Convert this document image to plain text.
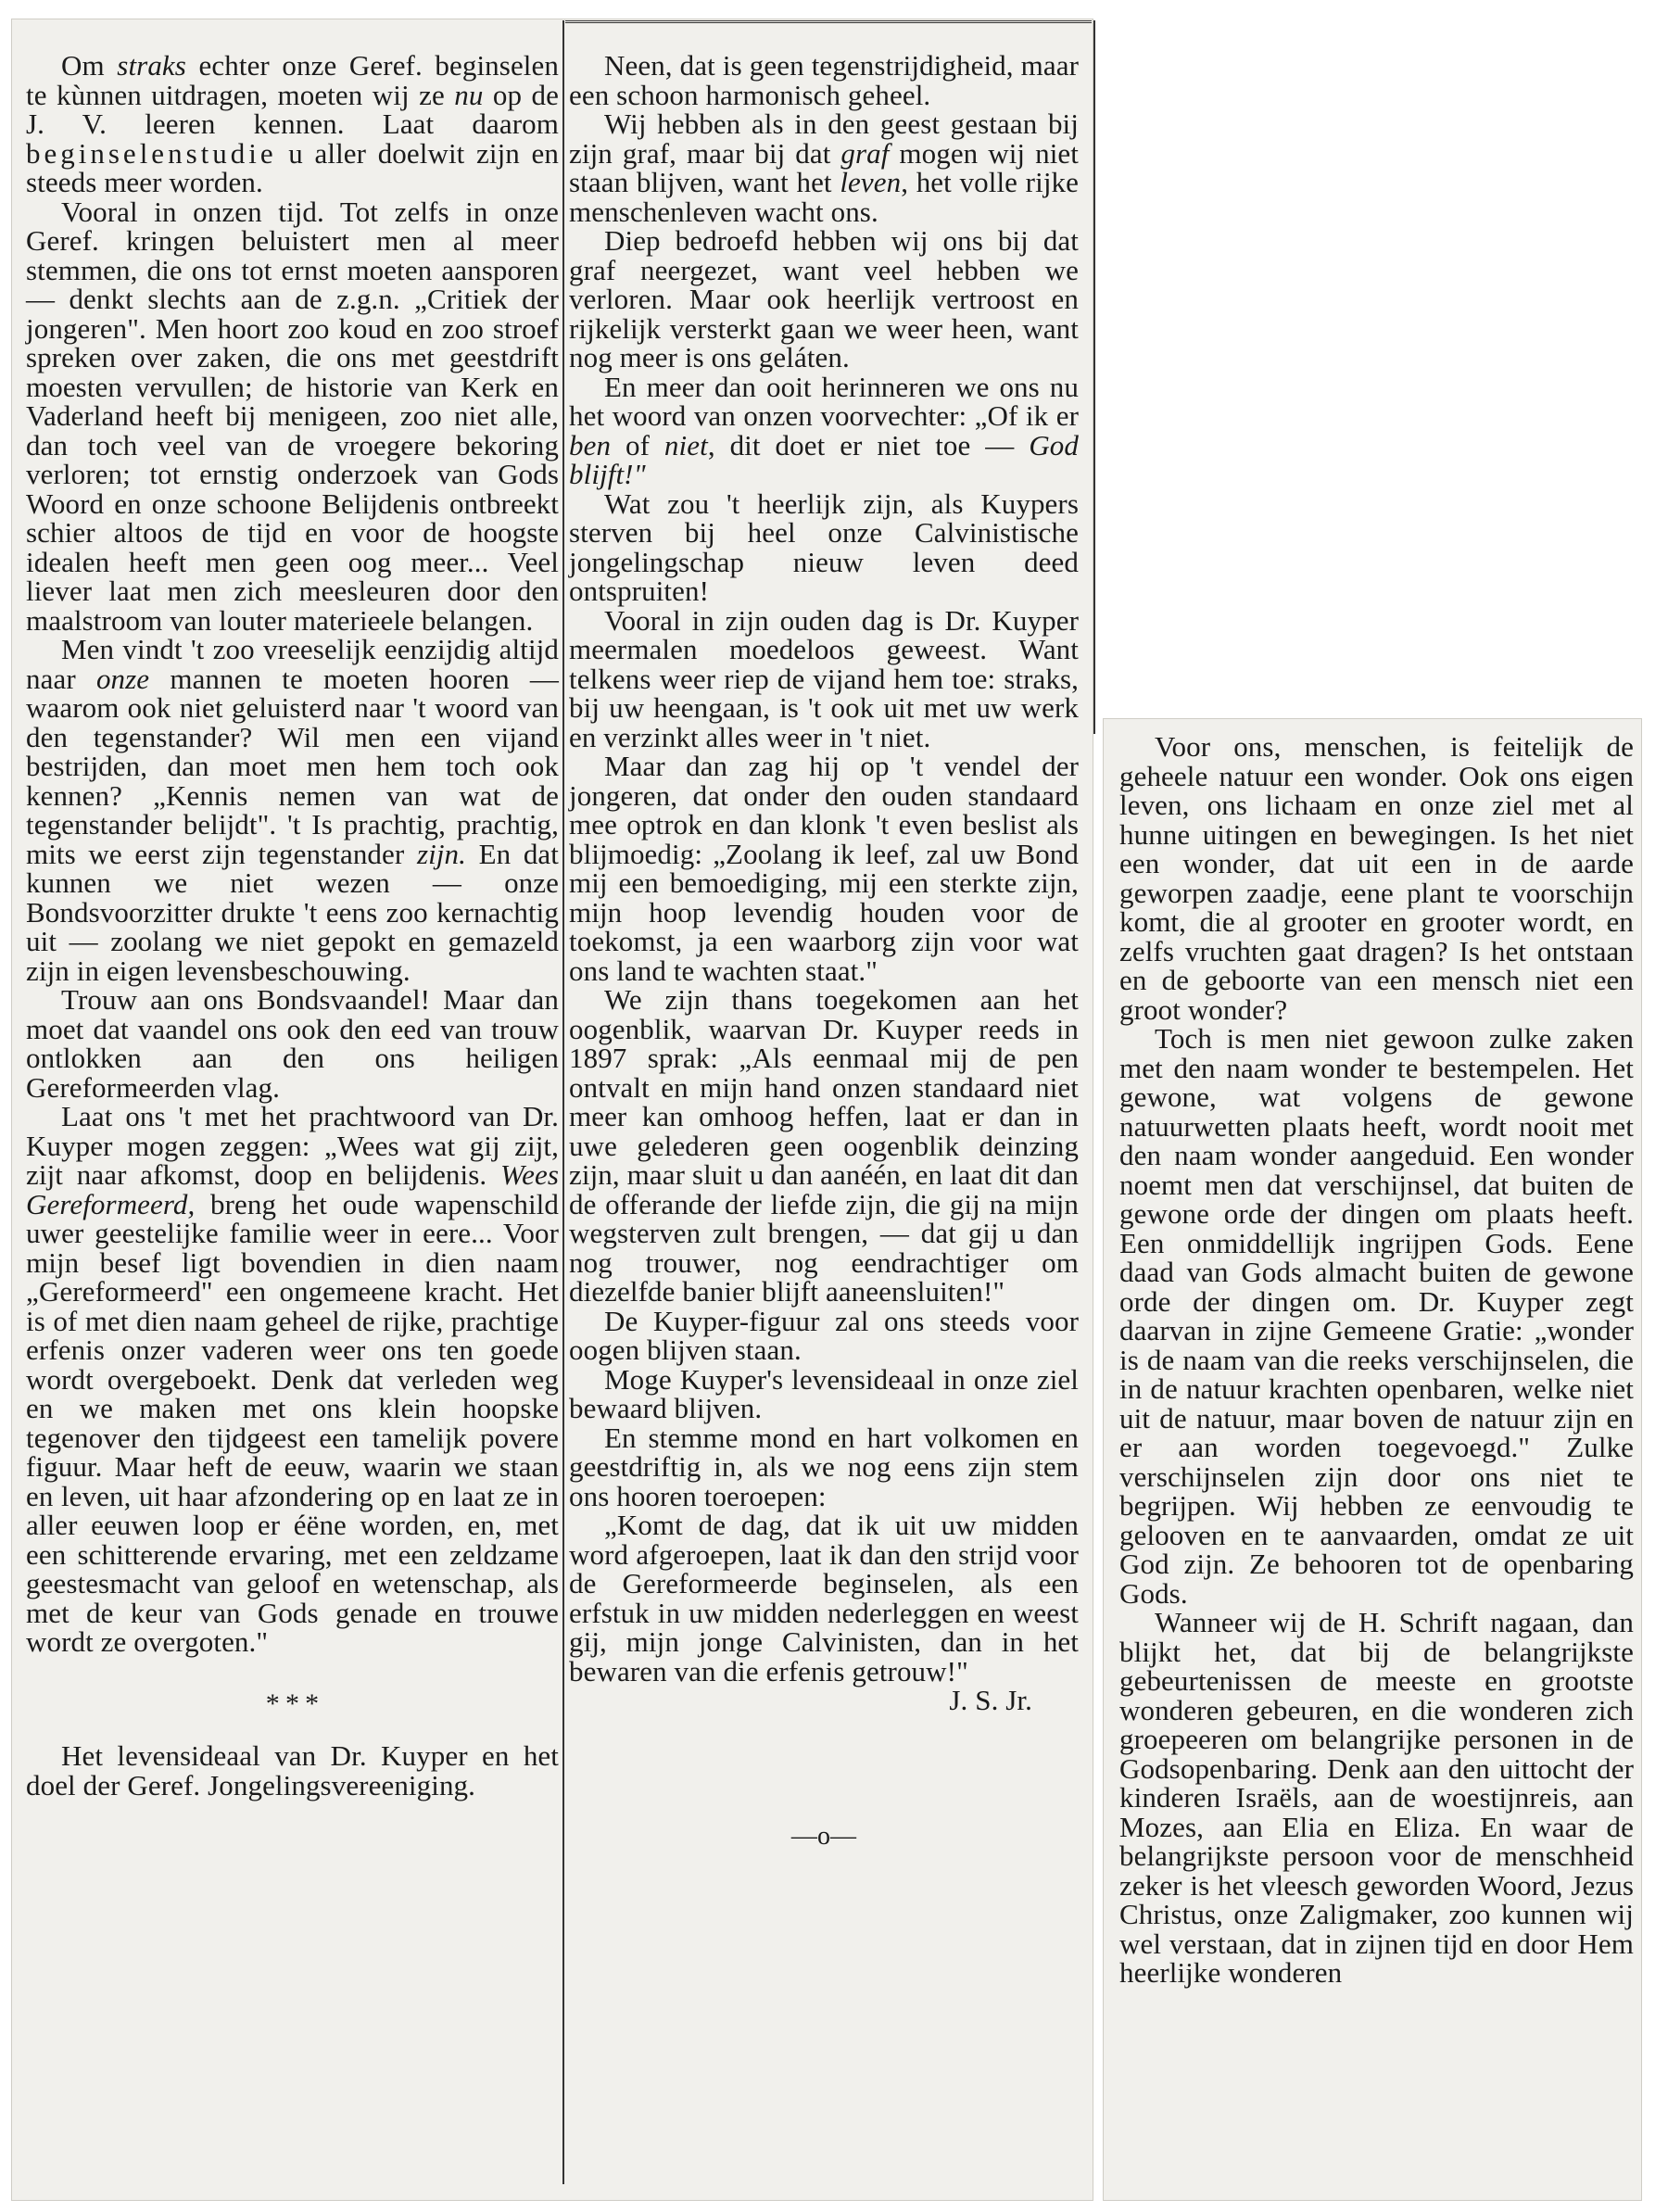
Om straks echter onze Geref. beginselen te kùnnen uitdragen, moeten wij ze nu op de J. V. leeren kennen. Laat daarom beginselenstudie u aller doelwit zijn en steeds meer worden.

Vooral in onzen tijd. Tot zelfs in onze Geref. kringen beluistert men al meer stemmen, die ons tot ernst moeten aansporen — denkt slechts aan de z.g.n. „Critiek der jongeren". Men hoort zoo koud en zoo stroef spreken over zaken, die ons met geestdrift moesten vervullen; de historie van Kerk en Vaderland heeft bij menigeen, zoo niet alle, dan toch veel van de vroegere bekoring verloren; tot ernstig onderzoek van Gods Woord en onze schoone Belijdenis ontbreekt schier altoos de tijd en voor de hoogste idealen heeft men geen oog meer... Veel liever laat men zich meesleuren door den maalstroom van louter materieele belangen.

Men vindt 't zoo vreeselijk eenzijdig altijd naar onze mannen te moeten hooren — waarom ook niet geluisterd naar 't woord van den tegenstander? Wil men een vijand bestrijden, dan moet men hem toch ook kennen? „Kennis nemen van wat de tegenstander belijdt". 't Is prachtig, prachtig, mits we eerst zijn tegenstander zijn. En dat kunnen we niet wezen — onze Bondsvoorzitter drukte 't eens zoo kernachtig uit — zoolang we niet gepokt en gemazeld zijn in eigen levensbeschouwing.

Trouw aan ons Bondsvaandel! Maar dan moet dat vaandel ons ook den eed van trouw ontlokken aan den ons heiligen Gereformeerden vlag.

Laat ons 't met het prachtwoord van Dr. Kuyper mogen zeggen: „Wees wat gij zijt, zijt naar afkomst, doop en belijdenis. Wees Gereformeerd, breng het oude wapenschild uwer geestelijke familie weer in eere... Voor mijn besef ligt bovendien in dien naam „Gereformeerd" een ongemeene kracht. Het is of met dien naam geheel de rijke, prachtige erfenis onzer vaderen weer ons ten goede wordt overgeboekt. Denk dat verleden weg en we maken met ons klein hoopske tegenover den tijdgeest een tamelijk povere figuur. Maar heft de eeuw, waarin we staan en leven, uit haar afzondering op en laat ze in aller eeuwen loop er éëne worden, en, met een schitterende ervaring, met een zeldzame geestesmacht van geloof en wetenschap, als met de keur van Gods genade en trouwe wordt ze overgoten."

* * *

Het levensideaal van Dr. Kuyper en het doel der Geref. Jongelingsvereeniging.

Neen, dat is geen tegenstrijdigheid, maar een schoon harmonisch geheel.

Wij hebben als in den geest gestaan bij zijn graf, maar bij dat graf mogen wij niet staan blijven, want het leven, het volle rijke menschenleven wacht ons.

Diep bedroefd hebben wij ons bij dat graf neergezet, want veel hebben we verloren. Maar ook heerlijk vertroost en rijkelijk versterkt gaan we weer heen, want nog meer is ons geláten.

En meer dan ooit herinneren we ons nu het woord van onzen voorvechter: „Of ik er ben of niet, dit doet er niet toe — God blijft!"

Wat zou 't heerlijk zijn, als Kuypers sterven bij heel onze Calvinistische jongelingschap nieuw leven deed ontspruiten!

Vooral in zijn ouden dag is Dr. Kuyper meermalen moedeloos geweest. Want telkens weer riep de vijand hem toe: straks, bij uw heengaan, is 't ook uit met uw werk en verzinkt alles weer in 't niet.

Maar dan zag hij op 't vendel der jongeren, dat onder den ouden standaard mee optrok en dan klonk 't even beslist als blijmoedig: „Zoolang ik leef, zal uw Bond mij een bemoediging, mij een sterkte zijn, mijn hoop levendig houden voor de toekomst, ja een waarborg zijn voor wat ons land te wachten staat."

We zijn thans toegekomen aan het oogenblik, waarvan Dr. Kuyper reeds in 1897 sprak: „Als eenmaal mij de pen ontvalt en mijn hand onzen standaard niet meer kan omhoog heffen, laat er dan in uwe gelederen geen oogenblik deinzing zijn, maar sluit u dan aanéén, en laat dit dan de offerande der liefde zijn, die gij na mijn wegsterven zult brengen, — dat gij u dan nog trouwer, nog eendrachtiger om diezelfde banier blijft aaneensluiten!"

De Kuyper-figuur zal ons steeds voor oogen blijven staan.

Moge Kuyper's levensideaal in onze ziel bewaard blijven.

En stemme mond en hart volkomen en geestdriftig in, als we nog eens zijn stem ons hooren toeroepen:

„Komt de dag, dat ik uit uw midden word afgeroepen, laat ik dan den strijd voor de Gereformeerde beginselen, als een erfstuk in uw midden nederleggen en weest gij, mijn jonge Calvinisten, dan in het bewaren van die erfenis getrouw!"

J. S. Jr.

—o—

Voor ons, menschen, is feitelijk de geheele natuur een wonder. Ook ons eigen leven, ons lichaam en onze ziel met al hunne uitingen en bewegingen. Is het niet een wonder, dat uit een in de aarde geworpen zaadje, eene plant te voorschijn komt, die al grooter en grooter wordt, en zelfs vruchten gaat dragen? Is het ontstaan en de geboorte van een mensch niet een groot wonder?

Toch is men niet gewoon zulke zaken met den naam wonder te bestempelen. Het gewone, wat volgens de gewone natuurwetten plaats heeft, wordt nooit met den naam wonder aangeduid. Een wonder noemt men dat verschijnsel, dat buiten de gewone orde der dingen om plaats heeft. Een onmiddellijk ingrijpen Gods. Eene daad van Gods almacht buiten de gewone orde der dingen om. Dr. Kuyper zegt daarvan in zijne Gemeene Gratie: „wonder is de naam van die reeks verschijnselen, die in de natuur krachten openbaren, welke niet uit de natuur, maar boven de natuur zijn en er aan worden toegevoegd." Zulke verschijnselen zijn door ons niet te begrijpen. Wij hebben ze eenvoudig te gelooven en te aanvaarden, omdat ze uit God zijn. Ze behooren tot de openbaring Gods.

Wanneer wij de H. Schrift nagaan, dan blijkt het, dat bij de belangrijkste gebeurtenissen de meeste en grootste wonderen gebeuren, en die wonderen zich groepeeren om belangrijke personen in de Godsopenbaring. Denk aan den uittocht der kinderen Israëls, aan de woestijnreis, aan Mozes, aan Elia en Eliza. En waar de belangrijkste persoon voor de menschheid zeker is het vleesch geworden Woord, Jezus Christus, onze Zaligmaker, zoo kunnen wij wel verstaan, dat in zijnen tijd en door Hem heerlijke wonderen
